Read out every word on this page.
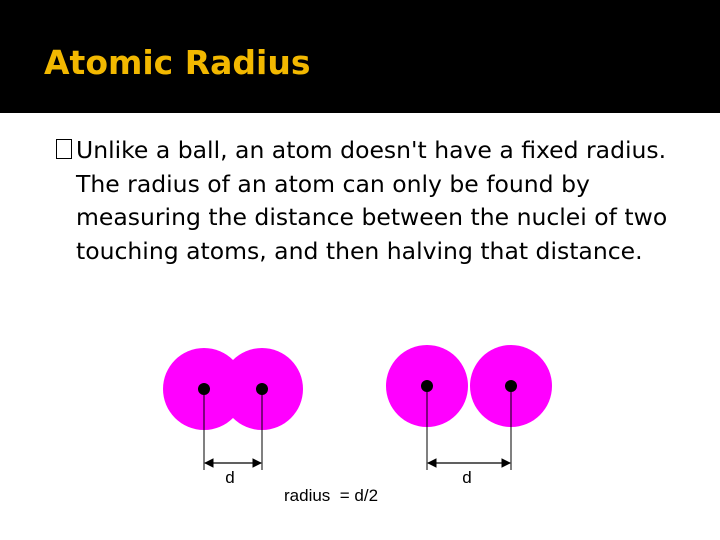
Atomic Radius

Unlike a ball, an atom doesn't have a fixed radius. The radius of an atom can only be found by measuring the distance between the nuclei of two touching atoms, and then halving that distance.

d	d
radius  = d/2
